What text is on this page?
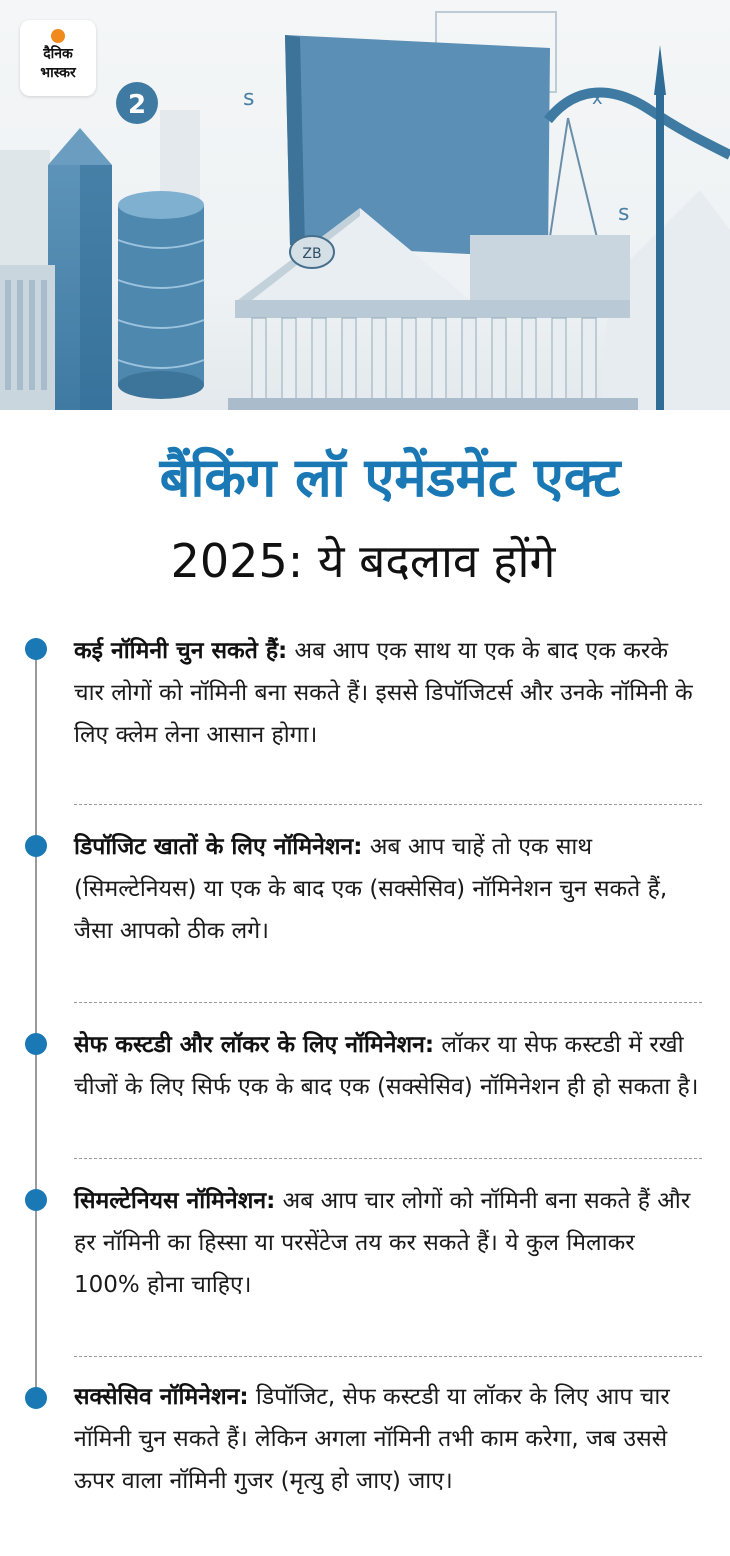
2	s	x
s
ZB
दैनिक
भास्कर
बैंकिंग लॉ एमेंडमेंट एक्ट
2025: ये बदलाव होंगे
कई नॉमिनी चुन सकते हैं: अब आप एक साथ या एक के बाद एक करके चार लोगों को नॉमिनी बना सकते हैं। इससे डिपॉजिटर्स और उनके नॉमिनी के लिए क्लेम लेना आसान होगा।
डिपॉजिट खातों के लिए नॉमिनेशन: अब आप चाहें तो एक साथ (सिमल्टेनियस) या एक के बाद एक (सक्सेसिव) नॉमिनेशन चुन सकते हैं, जैसा आपको ठीक लगे।
सेफ कस्टडी और लॉकर के लिए नॉमिनेशन: लॉकर या सेफ कस्टडी में रखी चीजों के लिए सिर्फ एक के बाद एक (सक्सेसिव) नॉमिनेशन ही हो सकता है।
सिमल्टेनियस नॉमिनेशन: अब आप चार लोगों को नॉमिनी बना सकते हैं और हर नॉमिनी का हिस्सा या परसेंटेज तय कर सकते हैं। ये कुल मिलाकर 100% होना चाहिए।
सक्सेसिव नॉमिनेशन: डिपॉजिट, सेफ कस्टडी या लॉकर के लिए आप चार नॉमिनी चुन सकते हैं। लेकिन अगला नॉमिनी तभी काम करेगा, जब उससे ऊपर वाला नॉमिनी गुजर (मृत्यु हो जाए) जाए।
